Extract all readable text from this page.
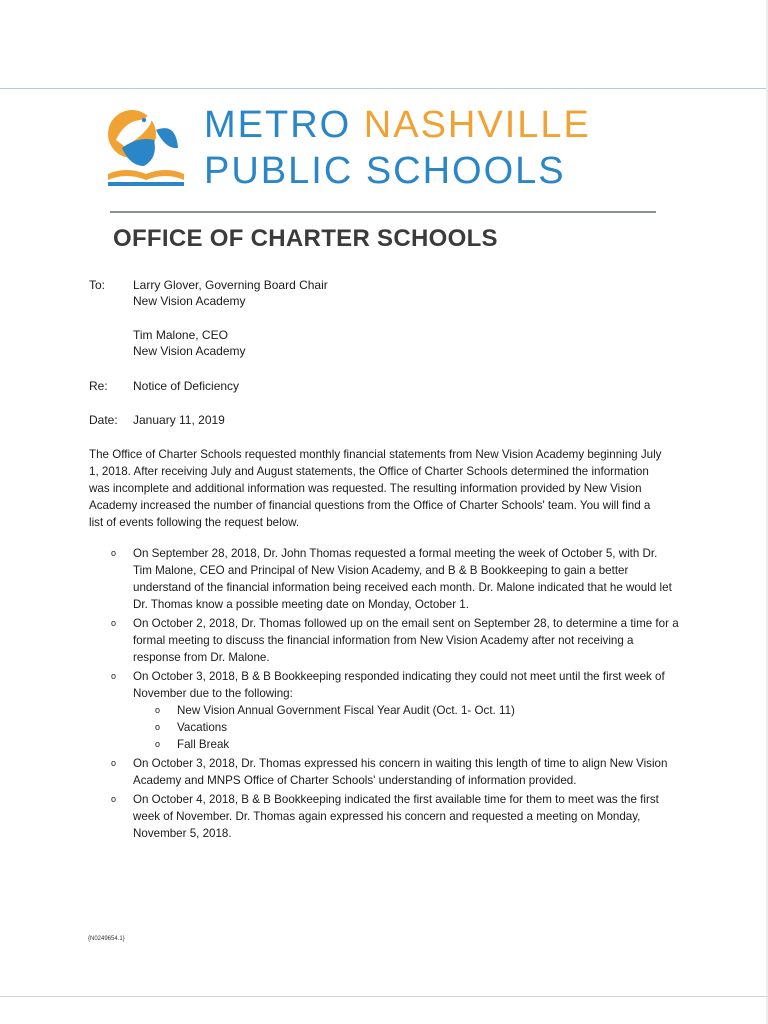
METRO NASHVILLE
PUBLIC SCHOOLS
OFFICE OF CHARTER SCHOOLS
To:	Larry Glover, Governing Board Chair
New Vision Academy
Tim Malone, CEO
New Vision Academy
Re:	Notice of Deficiency
Date:	January 11, 2019

The Office of Charter Schools requested monthly financial statements from New Vision Academy beginning July 1, 2018. After receiving July and August statements, the Office of Charter Schools determined the information was incomplete and additional information was requested. The resulting information provided by New Vision Academy increased the number of financial questions from the Office of Charter Schools' team. You will find a list of events following the request below.

o On September 28, 2018, Dr. John Thomas requested a formal meeting the week of October 5, with Dr. Tim Malone, CEO and Principal of New Vision Academy, and B & B Bookkeeping to gain a better understand of the financial information being received each month. Dr. Malone indicated that he would let Dr. Thomas know a possible meeting date on Monday, October 1.
o On October 2, 2018, Dr. Thomas followed up on the email sent on September 28, to determine a time for a formal meeting to discuss the financial information from New Vision Academy after not receiving a response from Dr. Malone.
o On October 3, 2018, B & B Bookkeeping responded indicating they could not meet until the first week of November due to the following:
o New Vision Annual Government Fiscal Year Audit (Oct. 1- Oct. 11)
o Vacations
o Fall Break
o On October 3, 2018, Dr. Thomas expressed his concern in waiting this length of time to align New Vision Academy and MNPS Office of Charter Schools' understanding of information provided.
o On October 4, 2018, B & B Bookkeeping indicated the first available time for them to meet was the first week of November. Dr. Thomas again expressed his concern and requested a meeting on Monday, November 5, 2018.
{N0249654.1}
